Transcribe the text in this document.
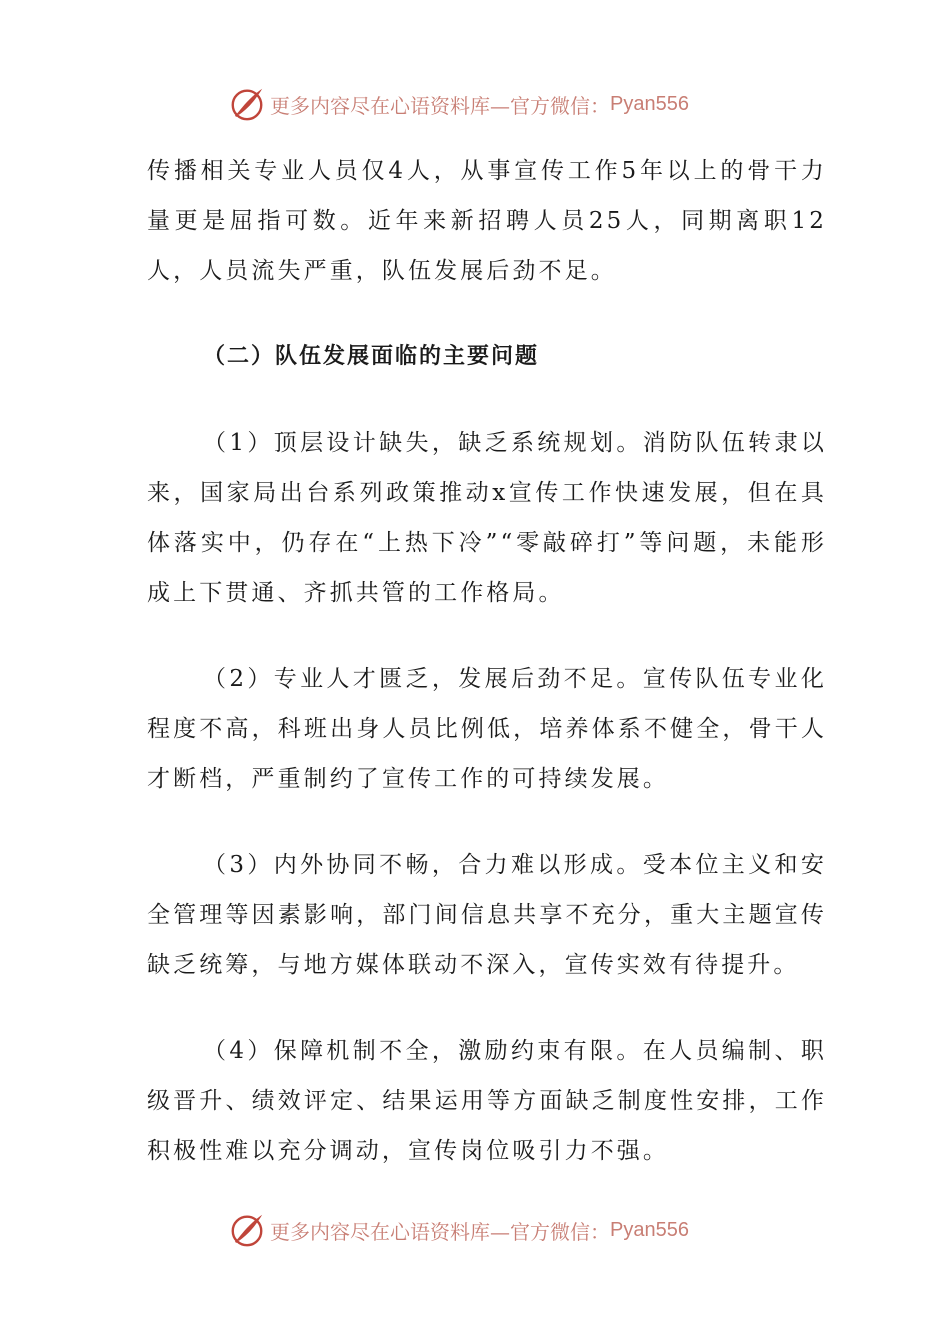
更多内容尽在心语资料库—官方微信： Pyan556

传播相关专业人员仅4人，从事宣传工作5年以上的骨干力量更是屈指可数。近年来新招聘人员25人，同期离职12人，人员流失严重，队伍发展后劲不足。

（二）队伍发展面临的主要问题

（1）顶层设计缺失，缺乏系统规划。消防队伍转隶以来，国家局出台系列政策推动x宣传工作快速发展，但在具体落实中，仍存在“上热下冷”“零敲碎打”等问题，未能形成上下贯通、齐抓共管的工作格局。

（2）专业人才匮乏，发展后劲不足。宣传队伍专业化程度不高，科班出身人员比例低，培养体系不健全，骨干人才断档，严重制约了宣传工作的可持续发展。

（3）内外协同不畅，合力难以形成。受本位主义和安全管理等因素影响，部门间信息共享不充分，重大主题宣传缺乏统筹，与地方媒体联动不深入，宣传实效有待提升。

（4）保障机制不全，激励约束有限。在人员编制、职级晋升、绩效评定、结果运用等方面缺乏制度性安排，工作积极性难以充分调动，宣传岗位吸引力不强。

更多内容尽在心语资料库—官方微信： Pyan556
